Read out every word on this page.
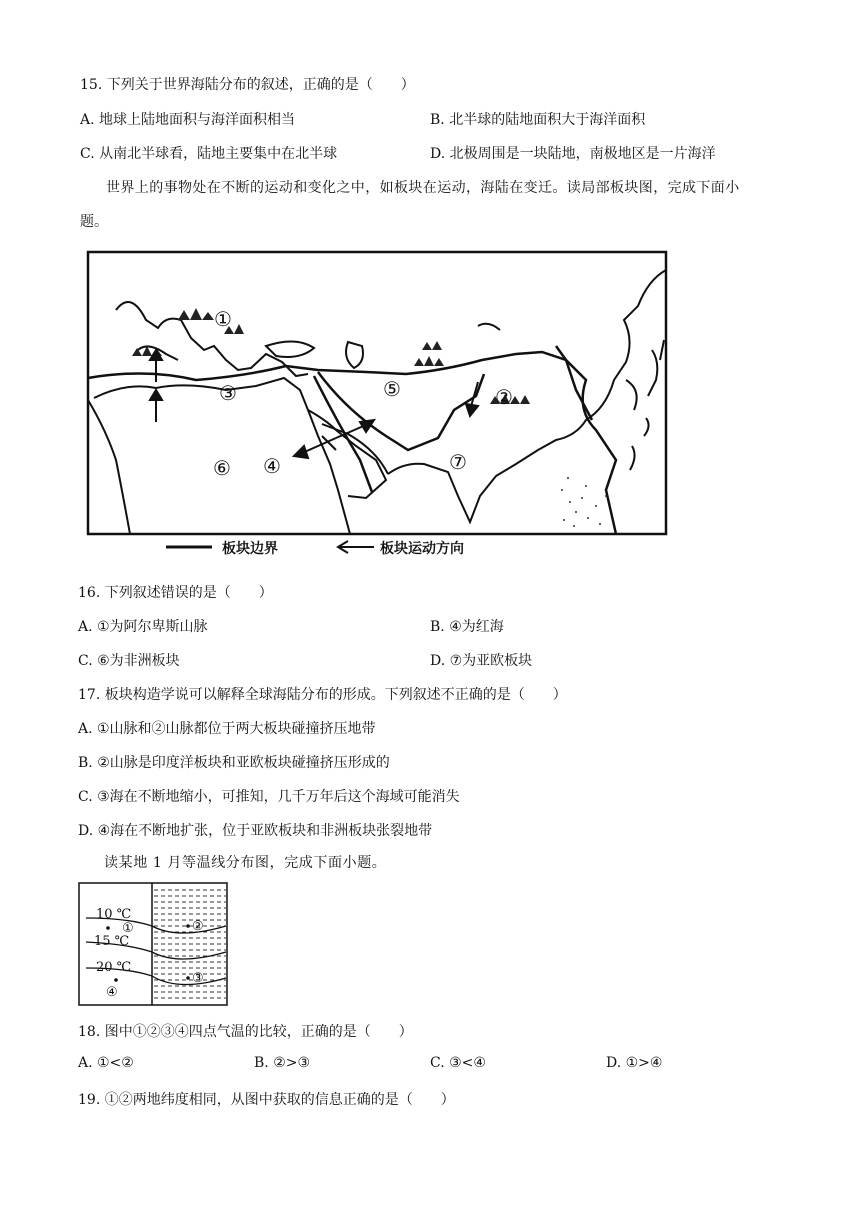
15. 下列关于世界海陆分布的叙述，正确的是（　　）
A. 地球上陆地面积与海洋面积相当	B. 北半球的陆地面积大于海洋面积
C. 从南北半球看，陆地主要集中在北半球	D. 北极周围是一块陆地，南极地区是一片海洋
世界上的事物处在不断的运动和变化之中，如板块在运动，海陆在变迁。读局部板块图，完成下面小
题。
①
②
③
④
⑤
⑥	⑦
板块边界	板块运动方向
16. 下列叙述错误的是（　　）
A. ①为阿尔卑斯山脉	B. ④为红海
C. ⑥为非洲板块	D. ⑦为亚欧板块
17. 板块构造学说可以解释全球海陆分布的形成。下列叙述不正确的是（　　）
A. ①山脉和②山脉都位于两大板块碰撞挤压地带
B. ②山脉是印度洋板块和亚欧板块碰撞挤压形成的
C. ③海在不断地缩小，可推知，几千万年后这个海域可能消失
D. ④海在不断地扩张，位于亚欧板块和非洲板块张裂地带
读某地 1 月等温线分布图，完成下面小题。
10 ℃
15 ℃
20 ℃
①	②
③
④
18. 图中①②③④四点气温的比较，正确的是（　　）
A. ①<②	B. ②>③	C. ③<④	D. ①>④
19. ①②两地纬度相同，从图中获取的信息正确的是（　　）
